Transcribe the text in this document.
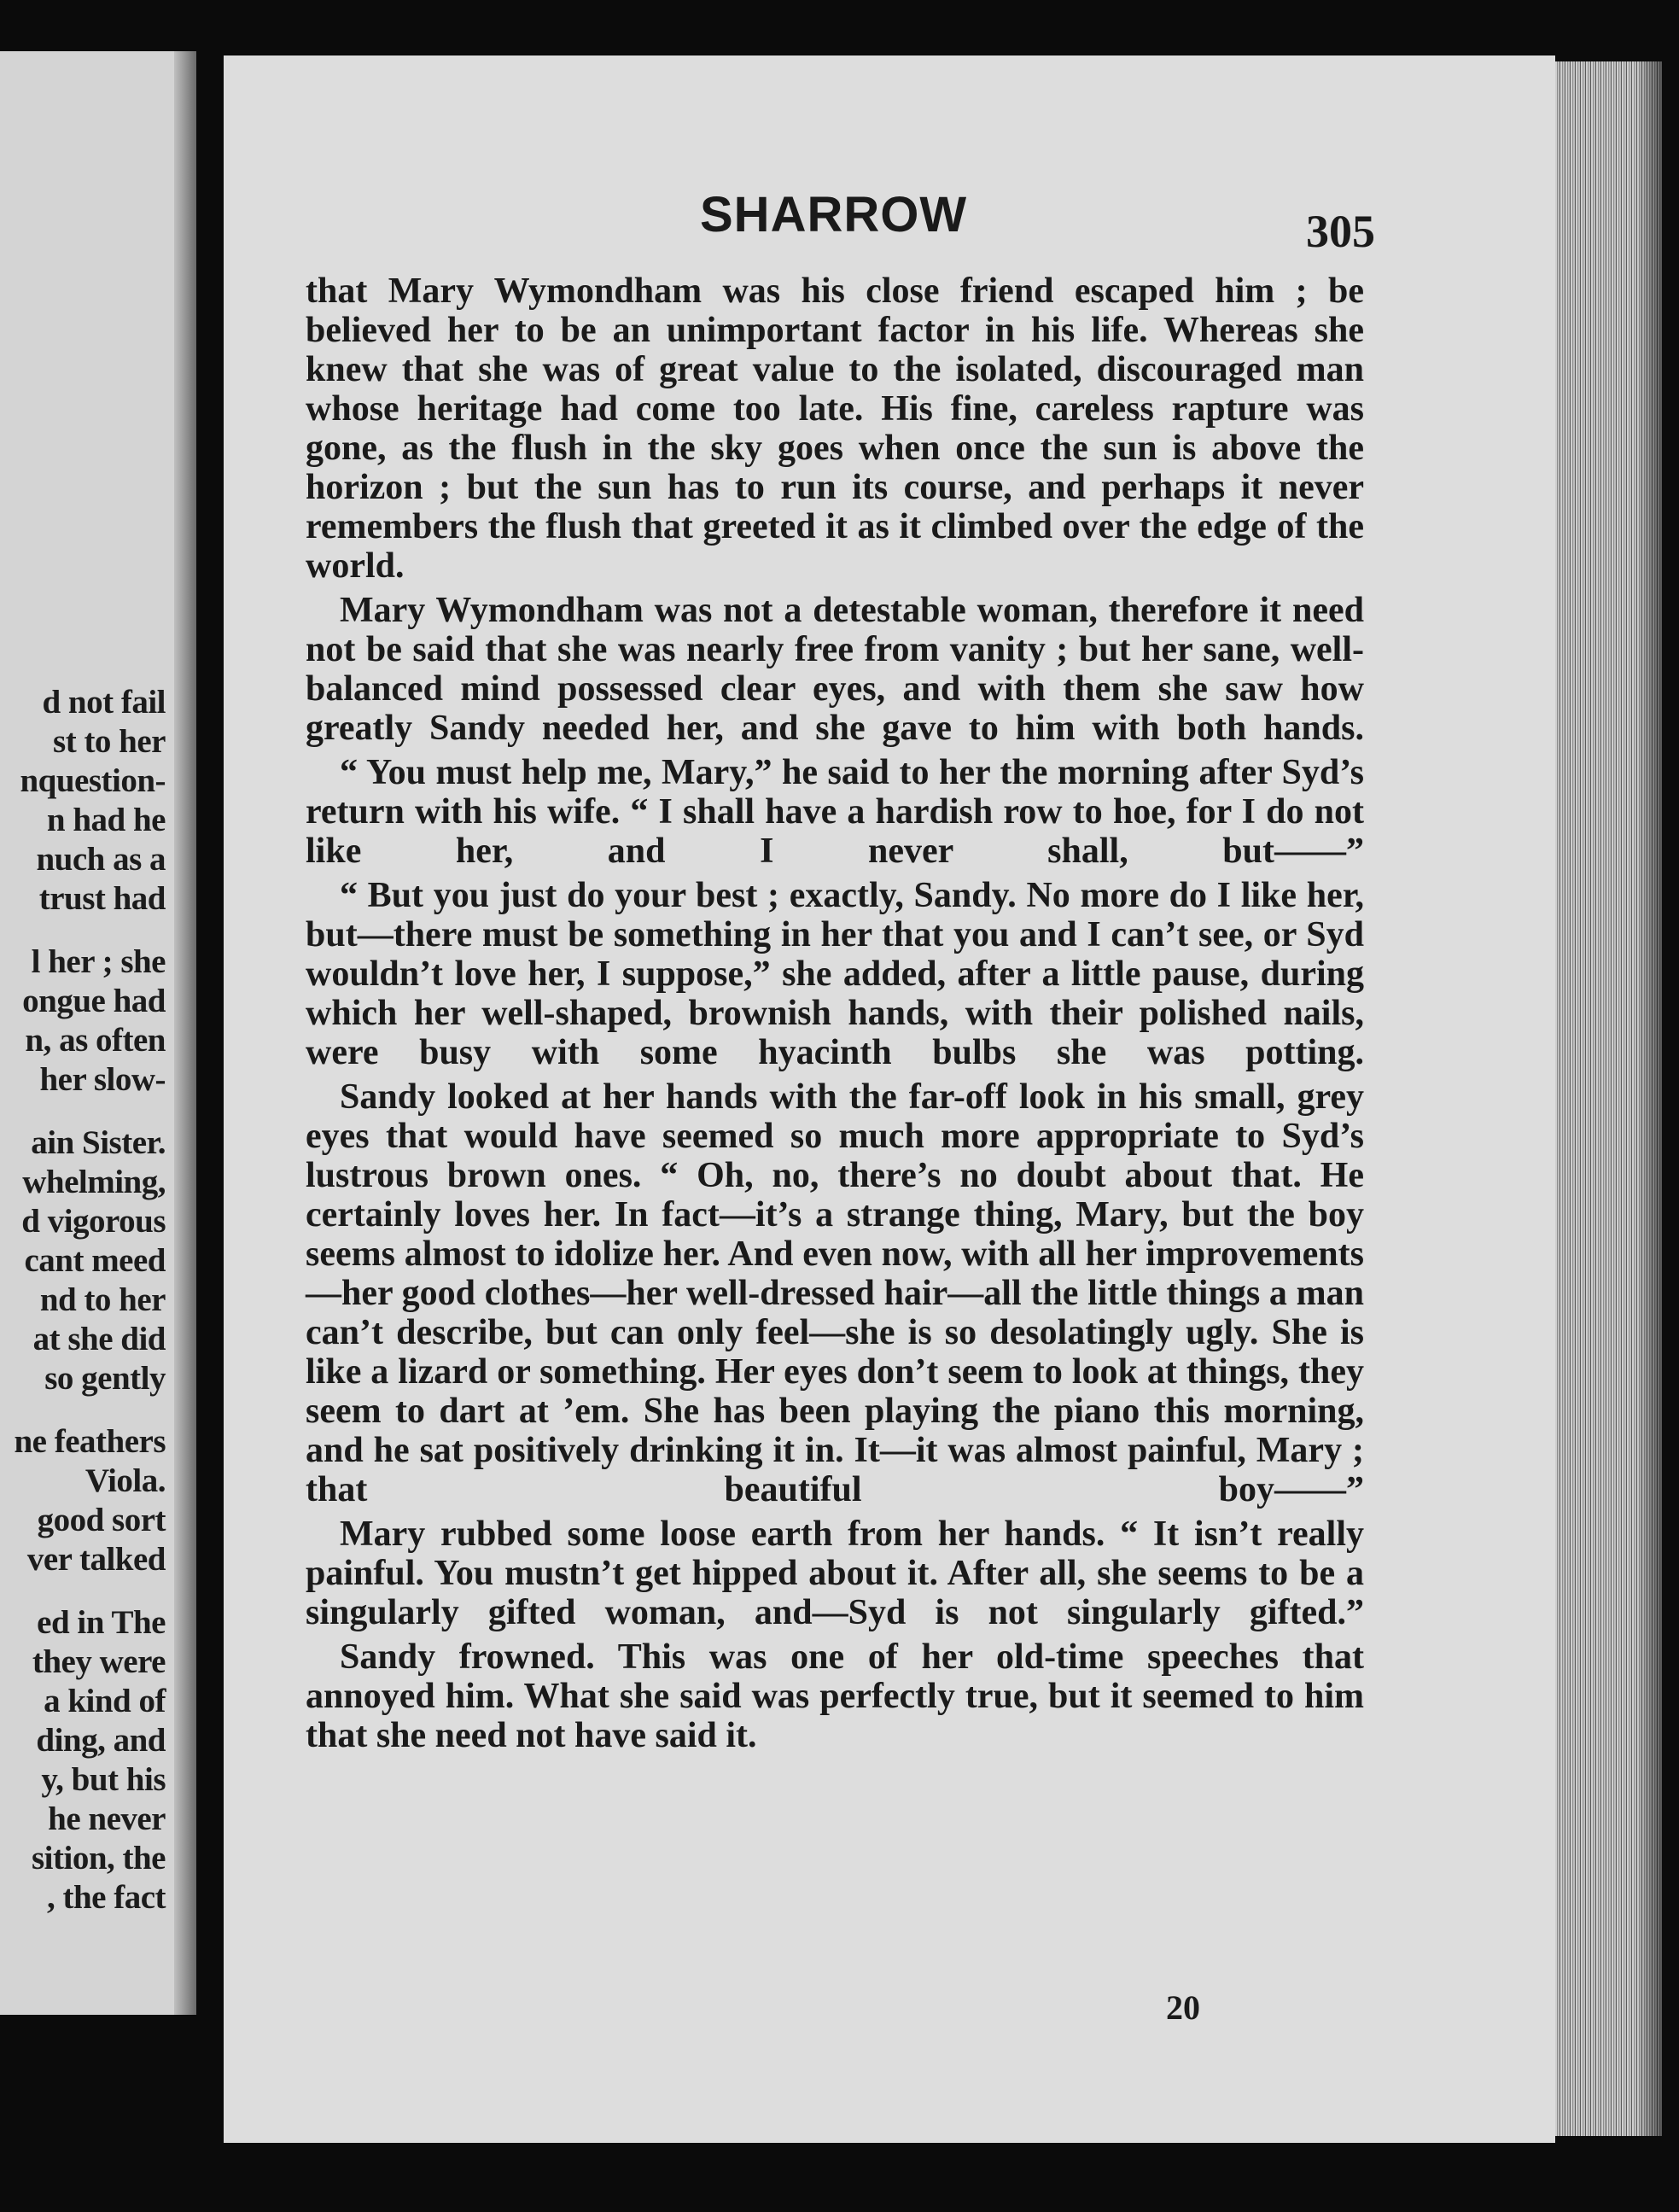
d not fail
st to her
nquestion-
n had he
nuch as a
trust had
l her ; she
ongue had
n, as often
her slow-
ain Sister.
whelming,
d vigorous
cant meed
nd to her
at she did
so gently
ne feathers
Viola.
good sort
ver talked
ed in The
they were
a kind of
ding, and
y, but his
he never
sition, the
, the fact
SHARROW	305

that Mary Wymondham was his close friend escaped him ; be believed her to be an unimportant factor in his life. Whereas she knew that she was of great value to the isolated, discouraged man whose heritage had come too late. His fine, careless rapture was gone, as the flush in the sky goes when once the sun is above the horizon ; but the sun has to run its course, and perhaps it never remembers the flush that greeted it as it climbed over the edge of the world.

Mary Wymondham was not a detestable woman, therefore it need not be said that she was nearly free from vanity ; but her sane, well-balanced mind possessed clear eyes, and with them she saw how greatly Sandy needed her, and she gave to him with both hands.

“ You must help me, Mary,” he said to her the morning after Syd’s return with his wife. “ I shall have a hardish row to hoe, for I do not like her, and I never shall, but——”

“ But you just do your best ; exactly, Sandy. No more do I like her, but—there must be something in her that you and I can’t see, or Syd wouldn’t love her, I suppose,” she added, after a little pause, during which her well-shaped, brownish hands, with their polished nails, were busy with some hyacinth bulbs she was potting.

Sandy looked at her hands with the far-off look in his small, grey eyes that would have seemed so much more appropriate to Syd’s lustrous brown ones. “ Oh, no, there’s no doubt about that. He certainly loves her. In fact—it’s a strange thing, Mary, but the boy seems almost to idolize her. And even now, with all her improvements—her good clothes—her well-dressed hair—all the little things a man can’t describe, but can only feel—she is so desolatingly ugly. She is like a lizard or something. Her eyes don’t seem to look at things, they seem to dart at ’em. She has been playing the piano this morning, and he sat positively drinking it in. It—it was almost painful, Mary ; that beautiful boy——”

Mary rubbed some loose earth from her hands. “ It isn’t really painful. You mustn’t get hipped about it. After all, she seems to be a singularly gifted woman, and—Syd is not singularly gifted.”

Sandy frowned. This was one of her old-time speeches that annoyed him. What she said was perfectly true, but it seemed to him that she need not have said it.

20
